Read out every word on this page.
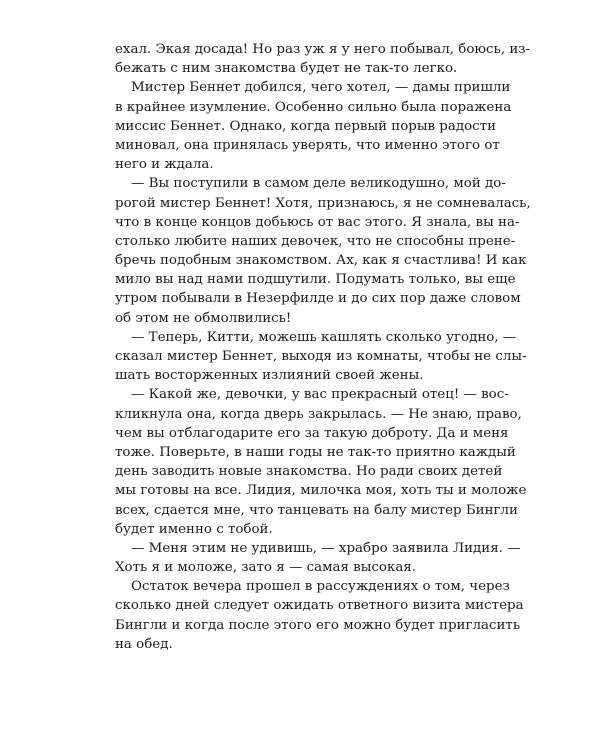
ехал. Экая досада! Но раз уж я у него побывал, боюсь, из-
бежать с ним знакомства будет не так-то легко.
Мистер Беннет добился, чего хотел, — дамы пришли
в крайнее изумление. Особенно сильно была поражена
миссис Беннет. Однако, когда первый порыв радости
миновал, она принялась уверять, что именно этого от
него и ждала.
— Вы поступили в самом деле великодушно, мой до-
рогой мистер Беннет! Хотя, признаюсь, я не сомневалась,
что в конце концов добьюсь от вас этого. Я знала, вы на-
столько любите наших девочек, что не способны прене-
бречь подобным знакомством. Ах, как я счастлива! И как
мило вы над нами подшутили. Подумать только, вы еще
утром побывали в Незерфилде и до сих пор даже словом
об этом не обмолвились!
— Теперь, Китти, можешь кашлять сколько угодно, —
сказал мистер Беннет, выходя из комнаты, чтобы не слы-
шать восторженных излияний своей жены.
— Какой же, девочки, у вас прекрасный отец! — вос-
кликнула она, когда дверь закрылась. — Не знаю, право,
чем вы отблагодарите его за такую доброту. Да и меня
тоже. Поверьте, в наши годы не так-то приятно каждый
день заводить новые знакомства. Но ради своих детей
мы готовы на все. Лидия, милочка моя, хоть ты и моложе
всех, сдается мне, что танцевать на балу мистер Бингли
будет именно с тобой.
— Меня этим не удивишь, — храбро заявила Лидия. —
Хоть я и моложе, зато я — самая высокая.
Остаток вечера прошел в рассуждениях о том, через
сколько дней следует ожидать ответного визита мистера
Бингли и когда после этого его можно будет пригласить
на обед.
